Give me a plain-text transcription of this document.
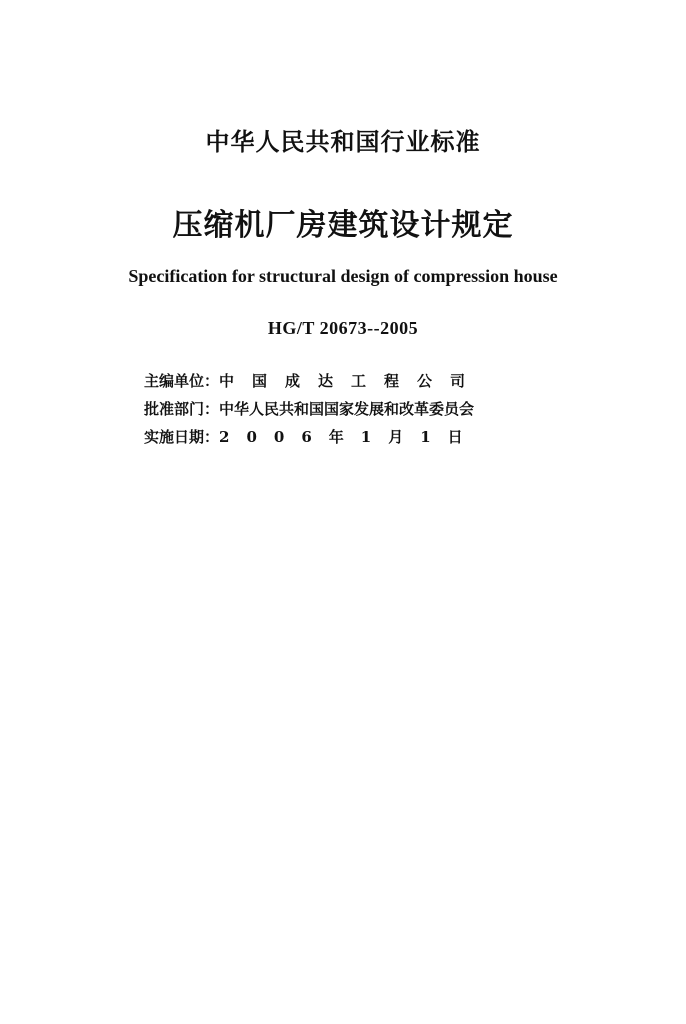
中华人民共和国行业标准
压缩机厂房建筑设计规定
Specification for structural design of compression house
HG/T 20673--2005
主编单位：中国成达工程公司
批准部门：中华人民共和国国家发展和改革委员会
实施日期：2006年1月1日
